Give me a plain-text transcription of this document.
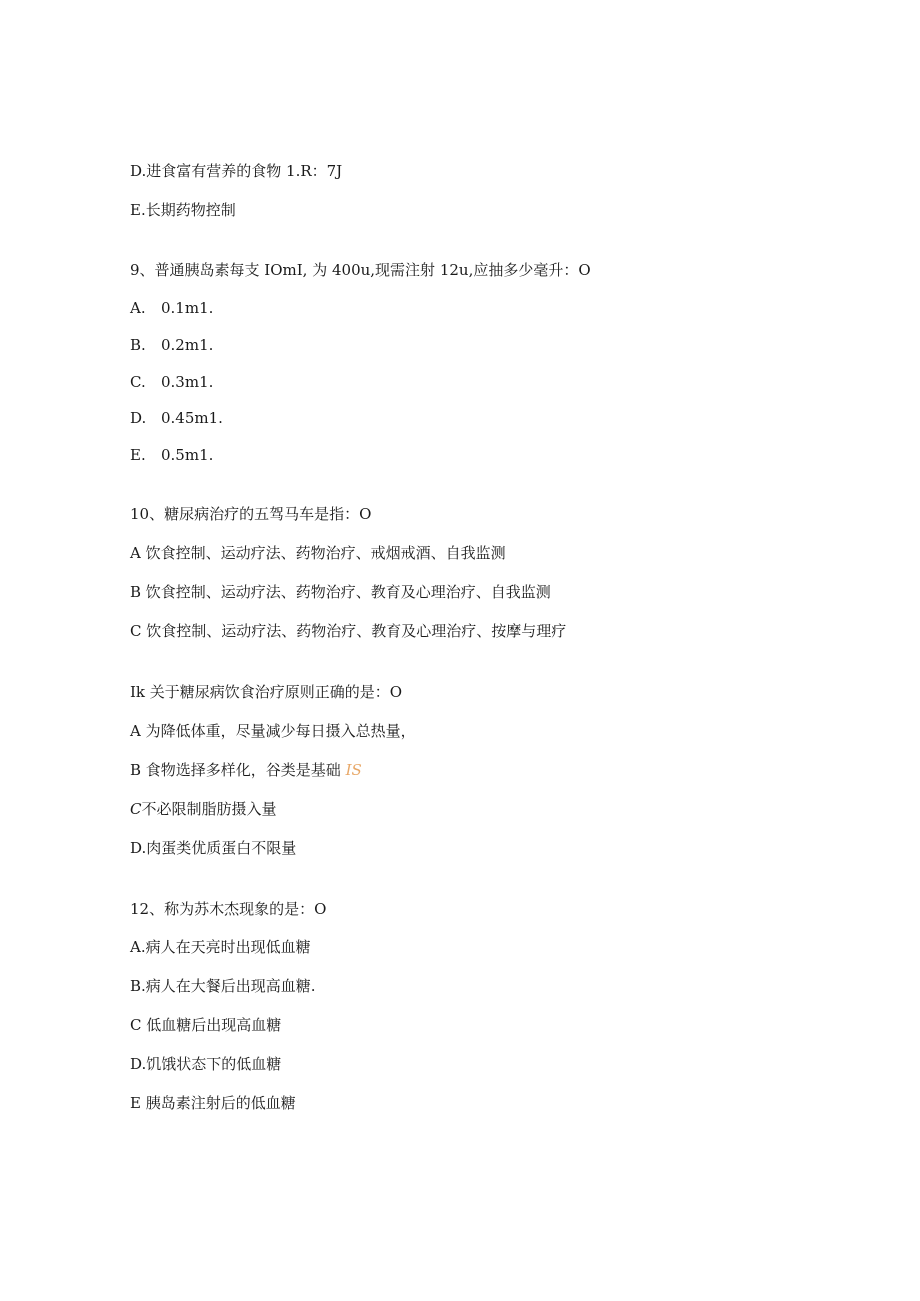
D.进食富有营养的食物 1.R：7J
E.长期药物控制
9、普通胰岛素每支 IOmI, 为 400u,现需注射 12u,应抽多少毫升：O
A. 0.1m1.
B. 0.2m1.
C. 0.3m1.
D. 0.45m1.
E. 0.5m1.
10、糖尿病治疗的五驾马车是指：O
A 饮食控制、运动疗法、药物治疗、戒烟戒酒、自我监测
B 饮食控制、运动疗法、药物治疗、教育及心理治疗、自我监测
C 饮食控制、运动疗法、药物治疗、教育及心理治疗、按摩与理疗
Ik 关于糖尿病饮食治疗原则正确的是：O
A 为降低体重，尽量减少每日摄入总热量，
B 食物选择多样化，谷类是基础 IS
C不必限制脂肪摄入量
D.肉蛋类优质蛋白不限量
12、称为苏木杰现象的是：O
A.病人在天亮时出现低血糖
B.病人在大餐后出现高血糖.
C 低血糖后出现高血糖
D.饥饿状态下的低血糖
E 胰岛素注射后的低血糖
